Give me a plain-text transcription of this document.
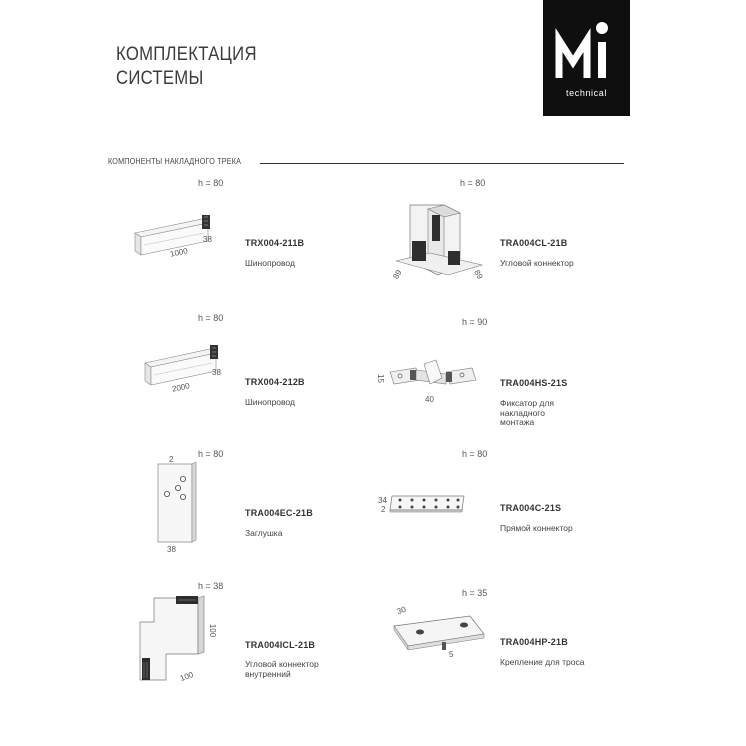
КОМПЛЕКТАЦИЯ
СИСТЕМЫ
technical
КОМПОНЕНТЫ НАКЛАДНОГО ТРЕКА
h = 80
38
1000
TRX004-211B
Шинопровод
h = 80
38
2000	TRX004-212B
Шинопровод
h = 80
2
38
TRA004EC-21B
Заглушка
h = 38
100
100
TRA004ICL-21B
Угловой коннектор
внутренний
h = 80
89	89
TRA004CL-21B
Угловой коннектор
h = 90
15
40
TRA004HS-21S
Фиксатор для
накладного
монтажа
h = 80
34
2	TRA004C-21S
Прямой коннектор
h = 35
30
5
TRA004HP-21B
Крепление для троса
